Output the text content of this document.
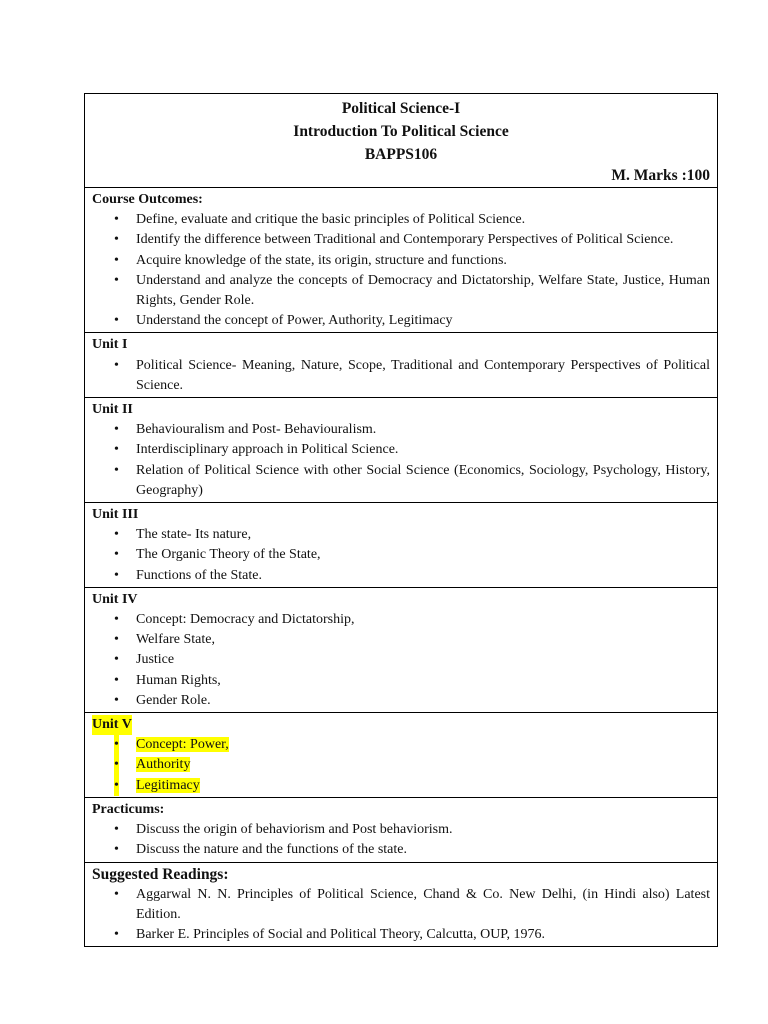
Political Science-I
Introduction To Political Science
BAPPS106
M. Marks :100
Course Outcomes:
• Define, evaluate and critique the basic principles of Political Science.
• Identify the difference between Traditional and Contemporary Perspectives of Political Science.
• Acquire knowledge of the state, its origin, structure and functions.
• Understand and analyze the concepts of Democracy and Dictatorship, Welfare State, Justice, Human Rights, Gender Role.
• Understand the concept of Power, Authority, Legitimacy
Unit I
• Political Science- Meaning, Nature, Scope, Traditional and Contemporary Perspectives of Political Science.
Unit II
• Behaviouralism and Post- Behaviouralism.
• Interdisciplinary approach in Political Science.
• Relation of Political Science with other Social Science (Economics, Sociology, Psychology, History, Geography)
Unit III
• The state- Its nature,
• The Organic Theory of the State,
• Functions of the State.
Unit IV
• Concept: Democracy and Dictatorship,
• Welfare State,
• Justice
• Human Rights,
• Gender Role.
Unit V
• Concept: Power,
• Authority
• Legitimacy
Practicums:
• Discuss the origin of behaviorism and Post behaviorism.
• Discuss the nature and the functions of the state.
Suggested Readings:
• Aggarwal N. N. Principles of Political Science, Chand & Co. New Delhi, (in Hindi also) Latest Edition.
• Barker E. Principles of Social and Political Theory, Calcutta, OUP, 1976.
